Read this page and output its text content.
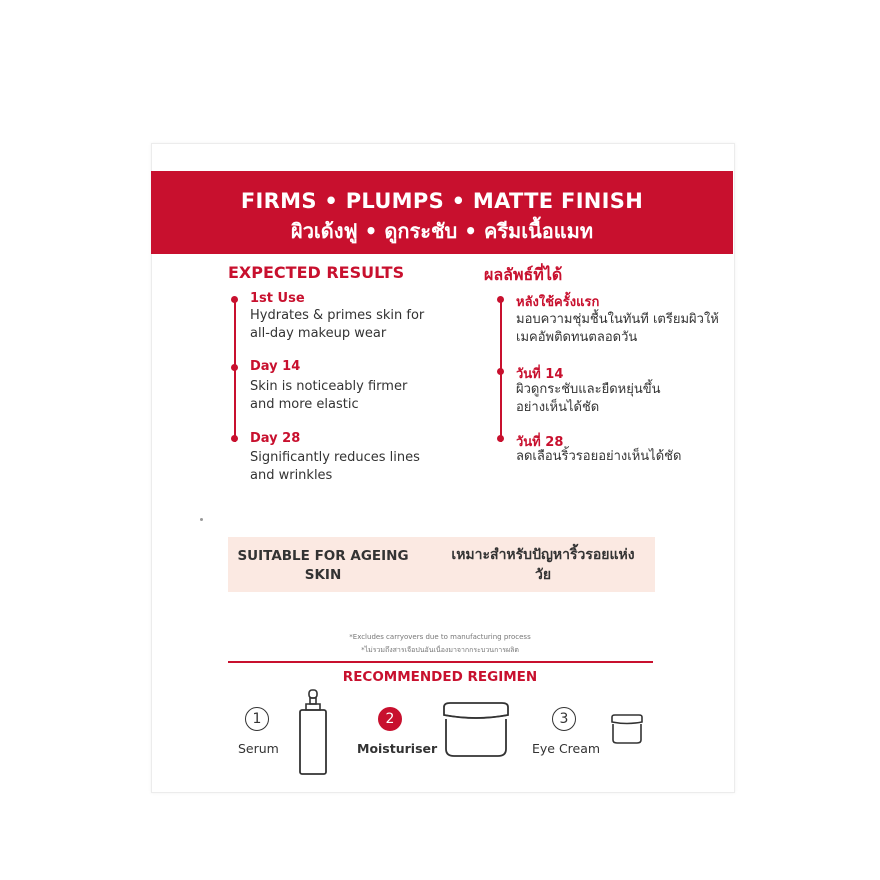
FIRMS • PLUMPS • MATTE FINISH
ผิวเด้งฟู • ดูกระชับ • ครีมเนื้อแมท
EXPECTED RESULTS
1st Use
Hydrates & primes skin for all-day makeup wear
Day 14
Skin is noticeably firmer and more elastic
Day 28
Significantly reduces lines and wrinkles
ผลลัพธ์ที่ได้
หลังใช้ครั้งแรก
มอบความชุ่มชื้นในทันที เตรียมผิวให้เมคอัพติดทนตลอดวัน
วันที่ 14
ผิวดูกระชับและยืดหยุ่นขึ้นอย่างเห็นได้ชัด
วันที่ 28
ลดเลือนริ้วรอยอย่างเห็นได้ชัด
SUITABLE FOR AGEING SKIN
เหมาะสำหรับปัญหาริ้วรอยแห่งวัย
*Excludes carryovers due to manufacturing process
*ไม่รวมถึงสารเจือปนอันเนื่องมาจากกระบวนการผลิต
RECOMMENDED REGIMEN
1
Serum
2
Moisturiser
3
Eye Cream
